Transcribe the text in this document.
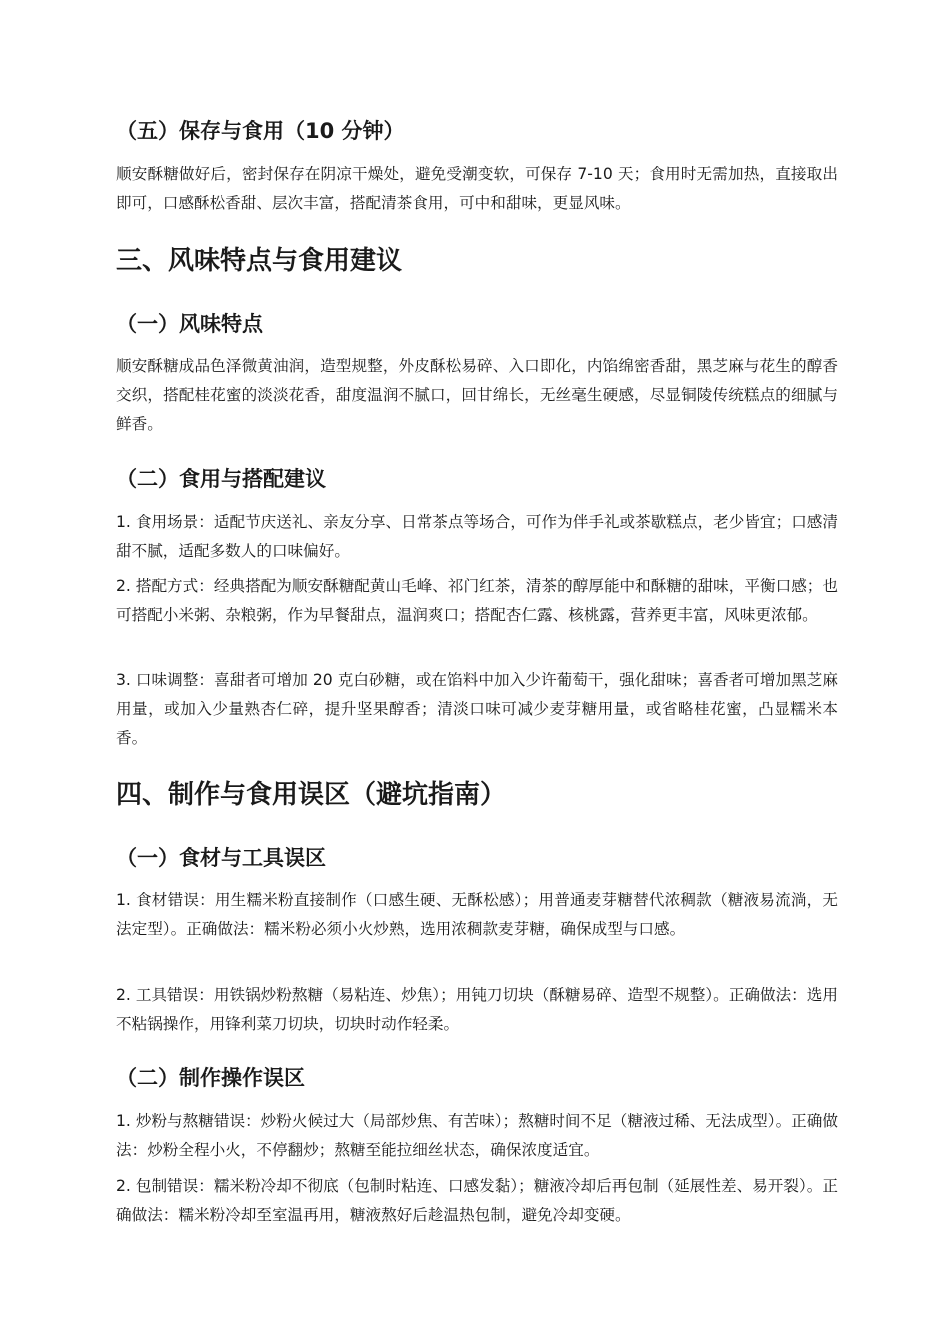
（五）保存与食用（10 分钟）
顺安酥糖做好后，密封保存在阴凉干燥处，避免受潮变软，可保存 7-10 天；食用时无需加热，直接取出即可，口感酥松香甜、层次丰富，搭配清茶食用，可中和甜味，更显风味。
三、风味特点与食用建议
（一）风味特点
顺安酥糖成品色泽微黄油润，造型规整，外皮酥松易碎、入口即化，内馅绵密香甜，黑芝麻与花生的醇香交织，搭配桂花蜜的淡淡花香，甜度温润不腻口，回甘绵长，无丝毫生硬感，尽显铜陵传统糕点的细腻与鲜香。
（二）食用与搭配建议
1. 食用场景：适配节庆送礼、亲友分享、日常茶点等场合，可作为伴手礼或茶歇糕点，老少皆宜；口感清甜不腻，适配多数人的口味偏好。
2. 搭配方式：经典搭配为顺安酥糖配黄山毛峰、祁门红茶，清茶的醇厚能中和酥糖的甜味，平衡口感；也可搭配小米粥、杂粮粥，作为早餐甜点，温润爽口；搭配杏仁露、核桃露，营养更丰富，风味更浓郁。
3. 口味调整：喜甜者可增加 20 克白砂糖，或在馅料中加入少许葡萄干，强化甜味；喜香者可增加黑芝麻用量，或加入少量熟杏仁碎，提升坚果醇香；清淡口味可减少麦芽糖用量，或省略桂花蜜，凸显糯米本香。
四、制作与食用误区（避坑指南）
（一）食材与工具误区
1. 食材错误：用生糯米粉直接制作（口感生硬、无酥松感）；用普通麦芽糖替代浓稠款（糖液易流淌，无法定型）。正确做法：糯米粉必须小火炒熟，选用浓稠款麦芽糖，确保成型与口感。
2. 工具错误：用铁锅炒粉熬糖（易粘连、炒焦）；用钝刀切块（酥糖易碎、造型不规整）。正确做法：选用不粘锅操作，用锋利菜刀切块，切块时动作轻柔。
（二）制作操作误区
1. 炒粉与熬糖错误：炒粉火候过大（局部炒焦、有苦味）；熬糖时间不足（糖液过稀、无法成型）。正确做法：炒粉全程小火，不停翻炒；熬糖至能拉细丝状态，确保浓度适宜。
2. 包制错误：糯米粉冷却不彻底（包制时粘连、口感发黏）；糖液冷却后再包制（延展性差、易开裂）。正确做法：糯米粉冷却至室温再用，糖液熬好后趁温热包制，避免冷却变硬。
